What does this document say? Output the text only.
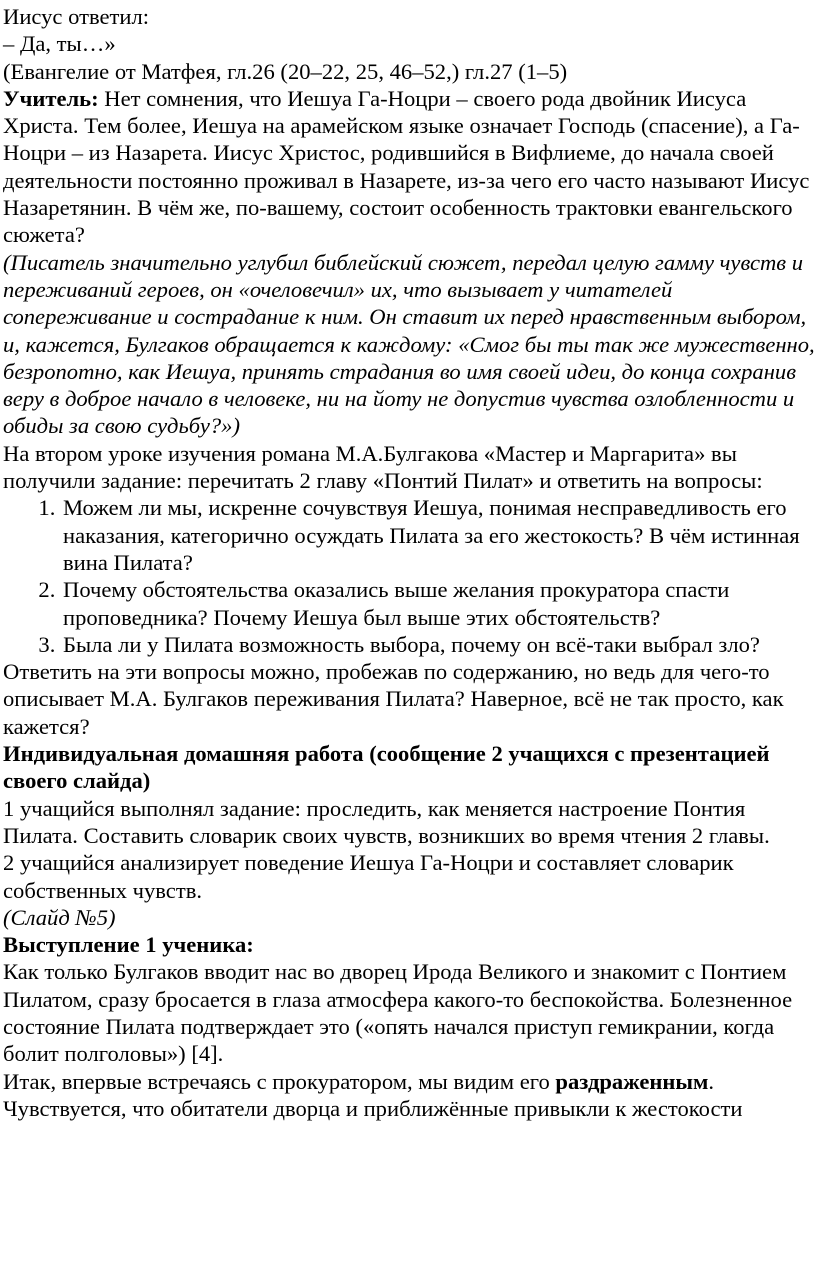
Иисус ответил:

– Да, ты…»

(Евангелие от Матфея, гл.26 (20–22, 25, 46–52,) гл.27 (1–5)

Учитель: Нет сомнения, что Иешуа Га-Ноцри – своего рода двойник Иисуса Христа. Тем более, Иешуа на арамейском языке означает Господь (спасение), а Га-Ноцри – из Назарета. Иисус Христос, родившийся в Вифлиеме, до начала своей деятельности постоянно проживал в Назарете, из-за чего его часто называют Иисус Назаретянин. В чём же, по-вашему, состоит особенность трактовки евангельского сюжета?

(Писатель значительно углубил библейский сюжет, передал целую гамму чувств и переживаний героев, он «очеловечил» их, что вызывает у читателей сопереживание и сострадание к ним. Он ставит их перед нравственным выбором, и, кажется, Булгаков обращается к каждому: «Смог бы ты так же мужественно, безропотно, как Иешуа, принять страдания во имя своей идеи, до конца сохранив веру в доброе начало в человеке, ни на йоту не допустив чувства озлобленности и обиды за свою судьбу?»)

На втором уроке изучения романа М.А.Булгакова «Мастер и Маргарита» вы получили задание: перечитать 2 главу «Понтий Пилат» и ответить на вопросы:

1. Можем ли мы, искренне сочувствуя Иешуа, понимая несправедливость его наказания, категорично осуждать Пилата за его жестокость? В чём истинная вина Пилата?
2. Почему обстоятельства оказались выше желания прокуратора спасти проповедника? Почему Иешуа был выше этих обстоятельств?
3. Была ли у Пилата возможность выбора, почему он всё-таки выбрал зло?

Ответить на эти вопросы можно, пробежав по содержанию, но ведь для чего-то описывает М.А. Булгаков переживания Пилата? Наверное, всё не так просто, как кажется?

Индивидуальная домашняя работа (сообщение 2 учащихся с презентацией своего слайда)

1 учащийся выполнял задание: проследить, как меняется настроение Понтия Пилата. Составить словарик своих чувств, возникших во время чтения 2 главы.

2 учащийся анализирует поведение Иешуа Га-Ноцри и составляет словарик собственных чувств.

(Слайд №5)

Выступление 1 ученика:

Как только Булгаков вводит нас во дворец Ирода Великого и знакомит с Понтием Пилатом, сразу бросается в глаза атмосфера какого-то беспокойства. Болезненное состояние Пилата подтверждает это («опять начался приступ гемикрании, когда болит полголовы») [4].

Итак, впервые встречаясь с прокуратором, мы видим его раздраженным. Чувствуется, что обитатели дворца и приближённые привыкли к жестокости
